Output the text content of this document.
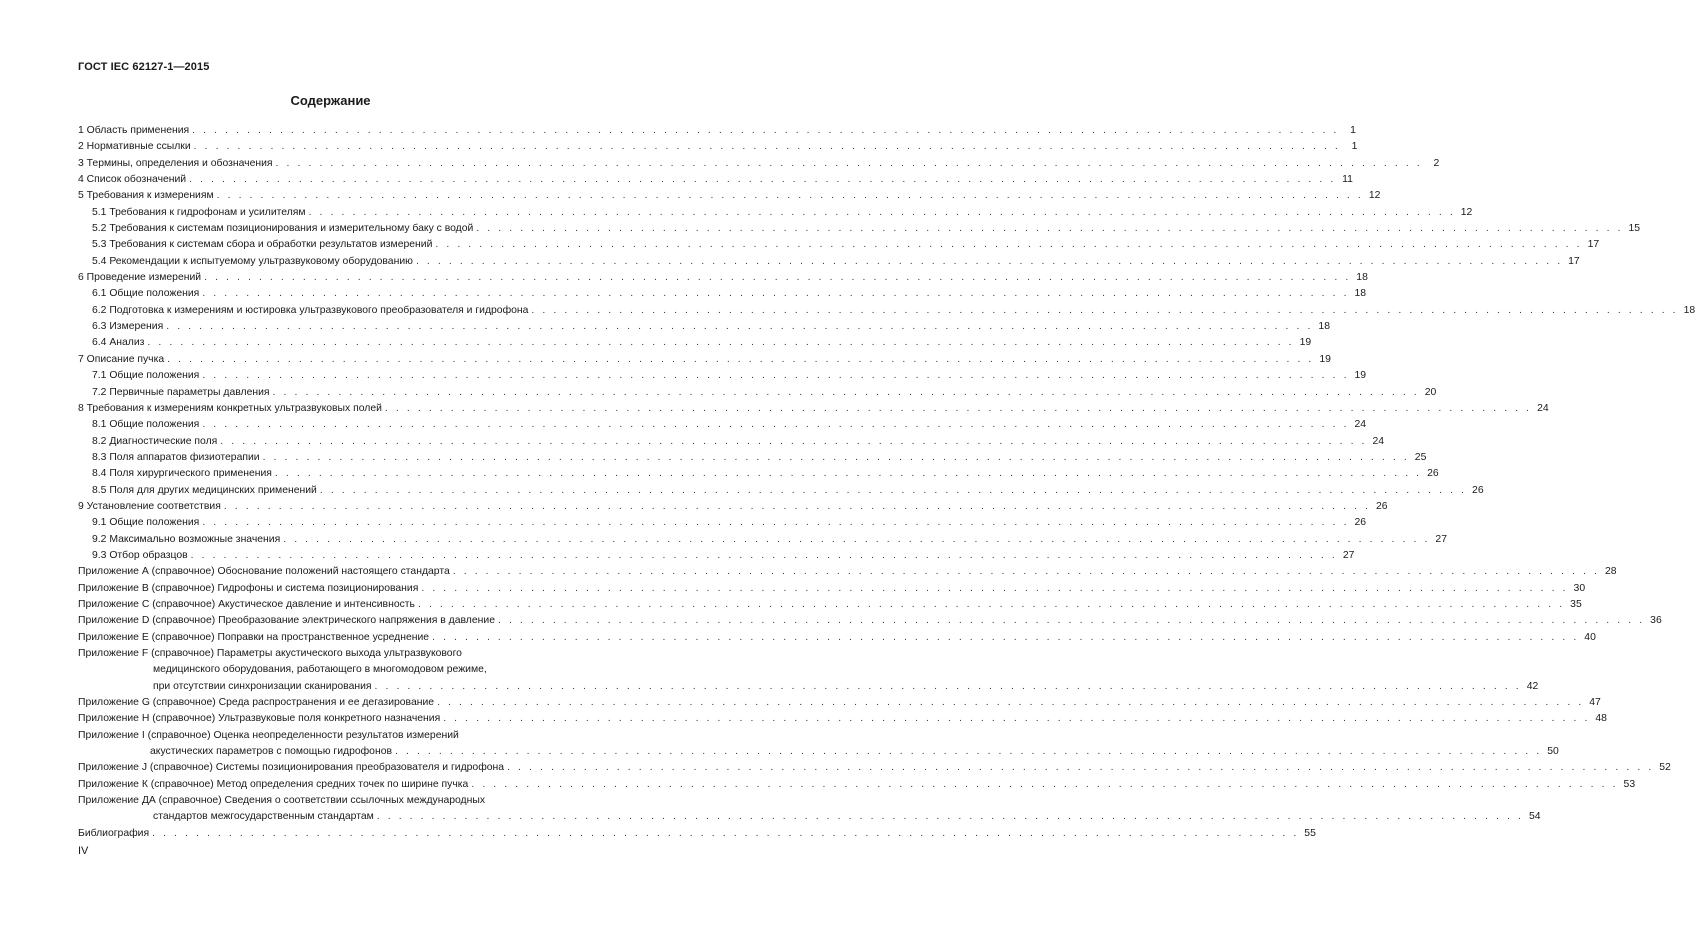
ГОСТ IEC 62127-1—2015
Содержание
1 Область применения . . . . . . . . . . . . . . . . . . . . . . . . . . . . . . . . . . . . . . . . . . . . . . . . . . . . . . . . . . . . . . . . . . . . . . . . . . . . . . . . . . . . . . . . . . . . . . . . . . . . . . . . .	1
2 Нормативные ссылки . . . . . . . . . . . . . . . . . . . . . . . . . . . . . . . . . . . . . . . . . . . . . . . . . . . . . . . . . . . . . . . . . . . . . . . . . . . . . . . . . . . . . . . . . . . . . . . . . . . . . . . . .	1
3 Термины, определения и обозначения . . . . . . . . . . . . . . . . . . . . . . . . . . . . . . . . . . . . . . . . . . . . . . . . . . . . . . . . . . . . . . . . . . . . . . . . . . . . . . . . . . . . . . . . . . . . . . . . . . . . . . . . .	2
4 Список обозначений . . . . . . . . . . . . . . . . . . . . . . . . . . . . . . . . . . . . . . . . . . . . . . . . . . . . . . . . . . . . . . . . . . . . . . . . . . . . . . . . . . . . . . . . . . . . . . . . . . . . . . . . . 11
5 Требования к измерениям . . . . . . . . . . . . . . . . . . . . . . . . . . . . . . . . . . . . . . . . . . . . . . . . . . . . . . . . . . . . . . . . . . . . . . . . . . . . . . . . . . . . . . . . . . . . . . . . . . . . . . . . . 12
5.1 Требования к гидрофонам и усилителям . . . . . . . . . . . . . . . . . . . . . . . . . . . . . . . . . . . . . . . . . . . . . . . . . . . . . . . . . . . . . . . . . . . . . . . . . . . . . . . . . . . . . . . . . . . . . . . . . . . . . . . . . 12
5.2 Требования к системам позиционирования и измерительному баку с водой . . . . . . . . . . . . . . . . . . . . . . . . . . . . . . . . . . . . . . . . . . . . . . . . . . . . . . . . . . . . . . . . . . . . . . . . . . . . . . . . . . . . . . . . . . . . . . . . . . . . . . . . . 15
5.3 Требования к системам сбора и обработки результатов измерений . . . . . . . . . . . . . . . . . . . . . . . . . . . . . . . . . . . . . . . . . . . . . . . . . . . . . . . . . . . . . . . . . . . . . . . . . . . . . . . . . . . . . . . . . . . . . . . . . . . . . . . . . 17
5.4 Рекомендации к испытуемому ультразвуковому оборудованию . . . . . . . . . . . . . . . . . . . . . . . . . . . . . . . . . . . . . . . . . . . . . . . . . . . . . . . . . . . . . . . . . . . . . . . . . . . . . . . . . . . . . . . . . . . . . . . . . . . . . . . . . 17
6 Проведение измерений . . . . . . . . . . . . . . . . . . . . . . . . . . . . . . . . . . . . . . . . . . . . . . . . . . . . . . . . . . . . . . . . . . . . . . . . . . . . . . . . . . . . . . . . . . . . . . . . . . . . . . . . . 18
6.1 Общие положения . . . . . . . . . . . . . . . . . . . . . . . . . . . . . . . . . . . . . . . . . . . . . . . . . . . . . . . . . . . . . . . . . . . . . . . . . . . . . . . . . . . . . . . . . . . . . . . . . . . . . . . . . 18
6.2 Подготовка к измерениям и юстировка ультразвукового преобразователя и гидрофона . . . . . . . . . . . . . . . . . . . . . . . . . . . . . . . . . . . . . . . . . . . . . . . . . . . . . . . . . . . . . . . . . . . . . . . . . . . . . . . . . . . . . . . . . . . . . . . . . . . . . . . . . 18
6.3 Измерения . . . . . . . . . . . . . . . . . . . . . . . . . . . . . . . . . . . . . . . . . . . . . . . . . . . . . . . . . . . . . . . . . . . . . . . . . . . . . . . . . . . . . . . . . . . . . . . . . . . . . . . . . 18
6.4 Анализ . . . . . . . . . . . . . . . . . . . . . . . . . . . . . . . . . . . . . . . . . . . . . . . . . . . . . . . . . . . . . . . . . . . . . . . . . . . . . . . . . . . . . . . . . . . . . . . . . . . . . . . . . 19
7 Описание пучка . . . . . . . . . . . . . . . . . . . . . . . . . . . . . . . . . . . . . . . . . . . . . . . . . . . . . . . . . . . . . . . . . . . . . . . . . . . . . . . . . . . . . . . . . . . . . . . . . . . . . . . . . 19
7.1 Общие положения . . . . . . . . . . . . . . . . . . . . . . . . . . . . . . . . . . . . . . . . . . . . . . . . . . . . . . . . . . . . . . . . . . . . . . . . . . . . . . . . . . . . . . . . . . . . . . . . . . . . . . . . . 19
7.2 Первичные параметры давления . . . . . . . . . . . . . . . . . . . . . . . . . . . . . . . . . . . . . . . . . . . . . . . . . . . . . . . . . . . . . . . . . . . . . . . . . . . . . . . . . . . . . . . . . . . . . . . . . . . . . . . . . 20
8 Требования к измерениям конкретных ультразвуковых полей . . . . . . . . . . . . . . . . . . . . . . . . . . . . . . . . . . . . . . . . . . . . . . . . . . . . . . . . . . . . . . . . . . . . . . . . . . . . . . . . . . . . . . . . . . . . . . . . . . . . . . . . . 24
8.1 Общие положения . . . . . . . . . . . . . . . . . . . . . . . . . . . . . . . . . . . . . . . . . . . . . . . . . . . . . . . . . . . . . . . . . . . . . . . . . . . . . . . . . . . . . . . . . . . . . . . . . . . . . . . . . 24
8.2 Диагностические поля . . . . . . . . . . . . . . . . . . . . . . . . . . . . . . . . . . . . . . . . . . . . . . . . . . . . . . . . . . . . . . . . . . . . . . . . . . . . . . . . . . . . . . . . . . . . . . . . . . . . . . . . . 24
8.3 Поля аппаратов физиотерапии . . . . . . . . . . . . . . . . . . . . . . . . . . . . . . . . . . . . . . . . . . . . . . . . . . . . . . . . . . . . . . . . . . . . . . . . . . . . . . . . . . . . . . . . . . . . . . . . . . . . . . . . . 25
8.4 Поля хирургического применения . . . . . . . . . . . . . . . . . . . . . . . . . . . . . . . . . . . . . . . . . . . . . . . . . . . . . . . . . . . . . . . . . . . . . . . . . . . . . . . . . . . . . . . . . . . . . . . . . . . . . . . . . 26
8.5 Поля для других медицинских применений . . . . . . . . . . . . . . . . . . . . . . . . . . . . . . . . . . . . . . . . . . . . . . . . . . . . . . . . . . . . . . . . . . . . . . . . . . . . . . . . . . . . . . . . . . . . . . . . . . . . . . . . . 26
9 Установление соответствия . . . . . . . . . . . . . . . . . . . . . . . . . . . . . . . . . . . . . . . . . . . . . . . . . . . . . . . . . . . . . . . . . . . . . . . . . . . . . . . . . . . . . . . . . . . . . . . . . . . . . . . . . 26
9.1 Общие положения . . . . . . . . . . . . . . . . . . . . . . . . . . . . . . . . . . . . . . . . . . . . . . . . . . . . . . . . . . . . . . . . . . . . . . . . . . . . . . . . . . . . . . . . . . . . . . . . . . . . . . . . . 26
9.2 Максимально возможные значения . . . . . . . . . . . . . . . . . . . . . . . . . . . . . . . . . . . . . . . . . . . . . . . . . . . . . . . . . . . . . . . . . . . . . . . . . . . . . . . . . . . . . . . . . . . . . . . . . . . . . . . . . 27
9.3 Отбор образцов . . . . . . . . . . . . . . . . . . . . . . . . . . . . . . . . . . . . . . . . . . . . . . . . . . . . . . . . . . . . . . . . . . . . . . . . . . . . . . . . . . . . . . . . . . . . . . . . . . . . . . . . . 27
Приложение А (справочное) Обоснование положений настоящего стандарта . . . . . . . . . . . . . . . . . . . . . . . . . . . . . . . . . . . . . . . . . . . . . . . . . . . . . . . . . . . . . . . . . . . . . . . . . . . . . . . . . . . . . . . . . . . . . . . . . . . . . . . . . 28
Приложение В (справочное) Гидрофоны и система позиционирования . . . . . . . . . . . . . . . . . . . . . . . . . . . . . . . . . . . . . . . . . . . . . . . . . . . . . . . . . . . . . . . . . . . . . . . . . . . . . . . . . . . . . . . . . . . . . . . . . . . . . . . . . 30
Приложение С (справочное) Акустическое давление и интенсивность . . . . . . . . . . . . . . . . . . . . . . . . . . . . . . . . . . . . . . . . . . . . . . . . . . . . . . . . . . . . . . . . . . . . . . . . . . . . . . . . . . . . . . . . . . . . . . . . . . . . . . . . . 35
Приложение D (справочное) Преобразование электрического напряжения в давление . . . . . . . . . . . . . . . . . . . . . . . . . . . . . . . . . . . . . . . . . . . . . . . . . . . . . . . . . . . . . . . . . . . . . . . . . . . . . . . . . . . . . . . . . . . . . . . . . . . . . . . . . 36
Приложение Е (справочное) Поправки на пространственное усреднение . . . . . . . . . . . . . . . . . . . . . . . . . . . . . . . . . . . . . . . . . . . . . . . . . . . . . . . . . . . . . . . . . . . . . . . . . . . . . . . . . . . . . . . . . . . . . . . . . . . . . . . . . 40
Приложение F (справочное) Параметры акустического выхода ультразвукового
медицинского оборудования, работающего в многомодовом режиме,
при отсутствии синхронизации сканирования . . . . . . . . . . . . . . . . . . . . . . . . . . . . . . . . . . . . . . . . . . . . . . . . . . . . . . . . . . . . . . . . . . . . . . . . . . . . . . . . . . . . . . . . . . . . . . . . . . . . . . . . . 42
Приложение G (справочное) Среда распространения и ее дегазирование . . . . . . . . . . . . . . . . . . . . . . . . . . . . . . . . . . . . . . . . . . . . . . . . . . . . . . . . . . . . . . . . . . . . . . . . . . . . . . . . . . . . . . . . . . . . . . . . . . . . . . . . . 47
Приложение Н (справочное) Ультразвуковые поля конкретного назначения . . . . . . . . . . . . . . . . . . . . . . . . . . . . . . . . . . . . . . . . . . . . . . . . . . . . . . . . . . . . . . . . . . . . . . . . . . . . . . . . . . . . . . . . . . . . . . . . . . . . . . . . . 48
Приложение I (справочное) Оценка неопределенности результатов измерений
акустических параметров с помощью гидрофонов . . . . . . . . . . . . . . . . . . . . . . . . . . . . . . . . . . . . . . . . . . . . . . . . . . . . . . . . . . . . . . . . . . . . . . . . . . . . . . . . . . . . . . . . . . . . . . . . . . . . . . . . . 50
Приложение J (справочное) Системы позиционирования преобразователя и гидрофона . . . . . . . . . . . . . . . . . . . . . . . . . . . . . . . . . . . . . . . . . . . . . . . . . . . . . . . . . . . . . . . . . . . . . . . . . . . . . . . . . . . . . . . . . . . . . . . . . . . . . . . . . 52
Приложение К (справочное) Метод определения средних точек по ширине пучка . . . . . . . . . . . . . . . . . . . . . . . . . . . . . . . . . . . . . . . . . . . . . . . . . . . . . . . . . . . . . . . . . . . . . . . . . . . . . . . . . . . . . . . . . . . . . . . . . . . . . . . . . 53
Приложение ДА (справочное) Сведения о соответствии ссылочных международных
стандартов межгосударственным стандартам . . . . . . . . . . . . . . . . . . . . . . . . . . . . . . . . . . . . . . . . . . . . . . . . . . . . . . . . . . . . . . . . . . . . . . . . . . . . . . . . . . . . . . . . . . . . . . . . . . . . . . . . . 54
Библиография . . . . . . . . . . . . . . . . . . . . . . . . . . . . . . . . . . . . . . . . . . . . . . . . . . . . . . . . . . . . . . . . . . . . . . . . . . . . . . . . . . . . . . . . . . . . . . . . . . . . . . . . . 55
IV
